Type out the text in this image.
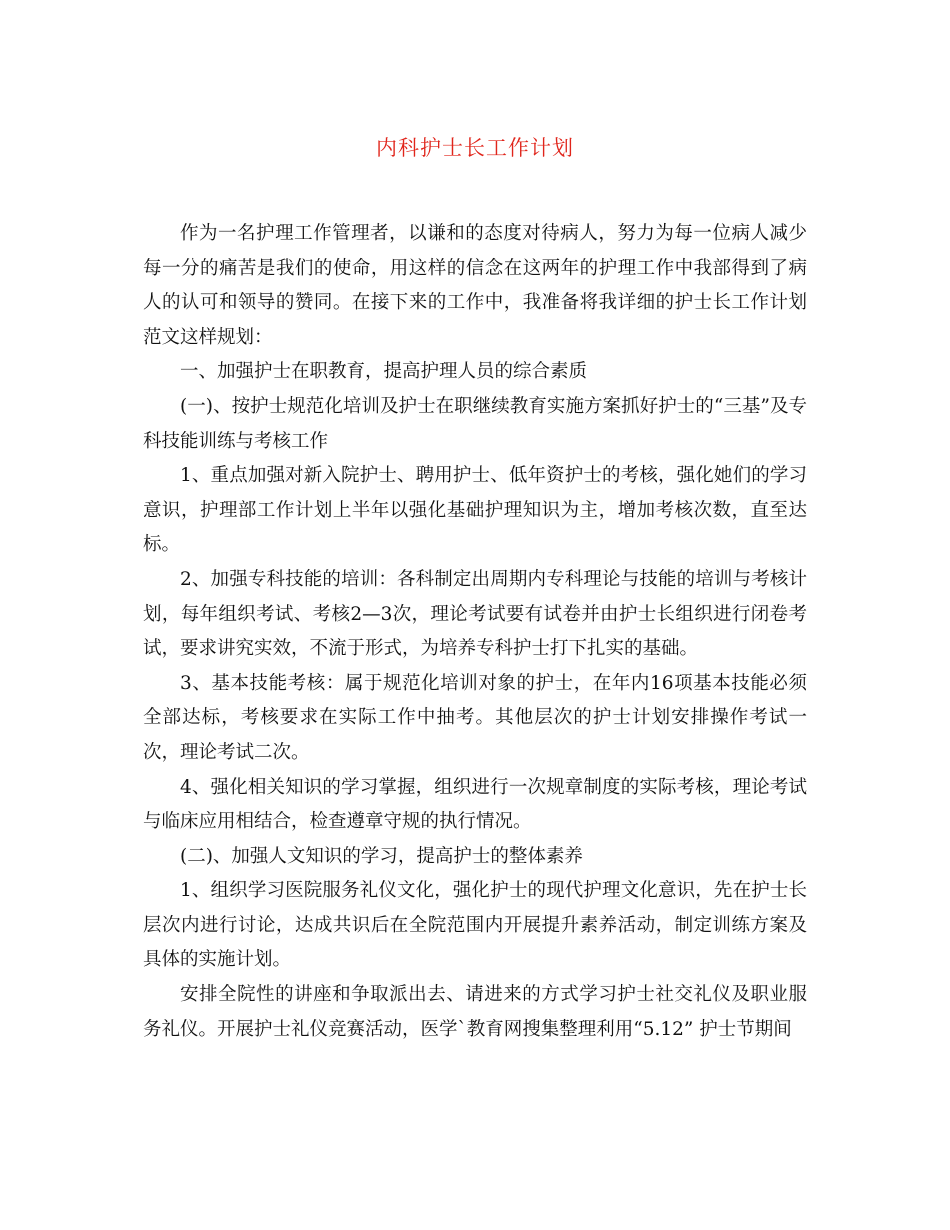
内科护士长工作计划

作为一名护理工作管理者，以谦和的态度对待病人，努力为每一位病人减少每一分的痛苦是我们的使命，用这样的信念在这两年的护理工作中我部得到了病人的认可和领导的赞同。在接下来的工作中，我准备将我详细的护士长工作计划范文这样规划：

一、加强护士在职教育，提高护理人员的综合素质

(一)、按护士规范化培训及护士在职继续教育实施方案抓好护士的“三基”及专科技能训练与考核工作

1、重点加强对新入院护士、聘用护士、低年资护士的考核，强化她们的学习意识，护理部工作计划上半年以强化基础护理知识为主，增加考核次数，直至达标。

2、加强专科技能的培训：各科制定出周期内专科理论与技能的培训与考核计划，每年组织考试、考核2—3次，理论考试要有试卷并由护士长组织进行闭卷考试，要求讲究实效，不流于形式，为培养专科护士打下扎实的基础。

3、基本技能考核：属于规范化培训对象的护士，在年内16项基本技能必须全部达标，考核要求在实际工作中抽考。其他层次的护士计划安排操作考试一次，理论考试二次。

4、强化相关知识的学习掌握，组织进行一次规章制度的实际考核，理论考试与临床应用相结合，检查遵章守规的执行情况。

(二)、加强人文知识的学习，提高护士的整体素养

1、组织学习医院服务礼仪文化，强化护士的现代护理文化意识，先在护士长层次内进行讨论，达成共识后在全院范围内开展提升素养活动，制定训练方案及具体的实施计划。

安排全院性的讲座和争取派出去、请进来的方式学习护士社交礼仪及职业服务礼仪。开展护士礼仪竞赛活动，医学`教育网搜集整理利用“5.12” 护士节期间
